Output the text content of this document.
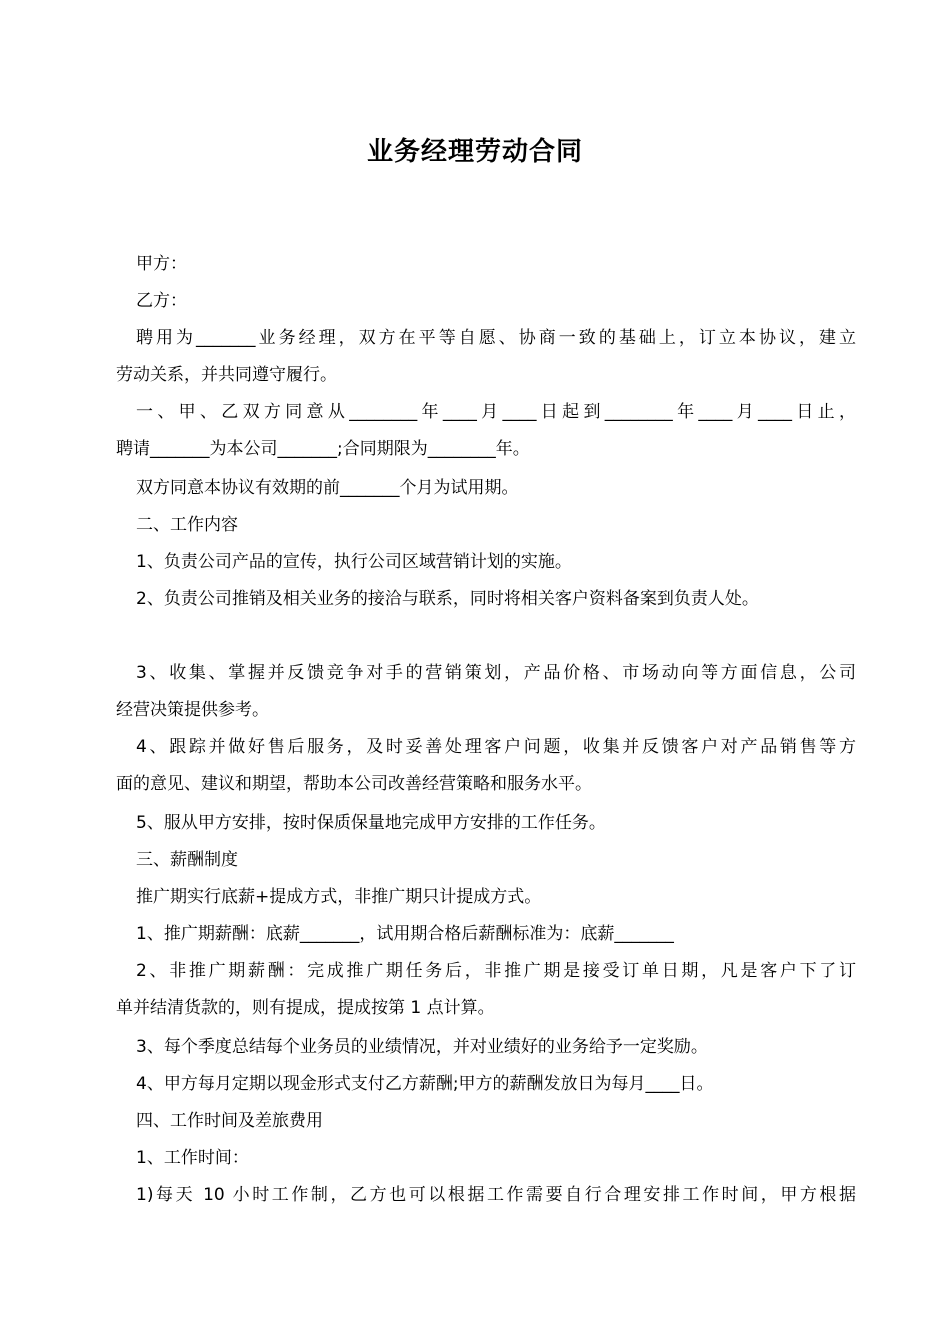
业务经理劳动合同

甲方：

乙方：

聘用为_______业务经理，双方在平等自愿、协商一致的基础上，订立本协议，建立

劳动关系，并共同遵守履行。

一、甲、乙双方同意从________年____月____日起到________年____月____日止，

聘请_______为本公司_______;合同期限为________年。

双方同意本协议有效期的前_______个月为试用期。

二、工作内容

1、负责公司产品的宣传，执行公司区域营销计划的实施。

2、负责公司推销及相关业务的接洽与联系，同时将相关客户资料备案到负责人处。

3、收集、掌握并反馈竞争对手的营销策划，产品价格、市场动向等方面信息，公司

经营决策提供参考。

4、跟踪并做好售后服务，及时妥善处理客户问题，收集并反馈客户对产品销售等方

面的意见、建议和期望，帮助本公司改善经营策略和服务水平。

5、服从甲方安排，按时保质保量地完成甲方安排的工作任务。

三、薪酬制度

推广期实行底薪+提成方式，非推广期只计提成方式。

1、推广期薪酬：底薪_______，试用期合格后薪酬标准为：底薪_______

2、非推广期薪酬：完成推广期任务后，非推广期是接受订单日期，凡是客户下了订

单并结清货款的，则有提成，提成按第 1 点计算。

3、每个季度总结每个业务员的业绩情况，并对业绩好的业务给予一定奖励。

4、甲方每月定期以现金形式支付乙方薪酬;甲方的薪酬发放日为每月____日。

四、工作时间及差旅费用

1、工作时间：

1)每天 10 小时工作制，乙方也可以根据工作需要自行合理安排工作时间，甲方根据
